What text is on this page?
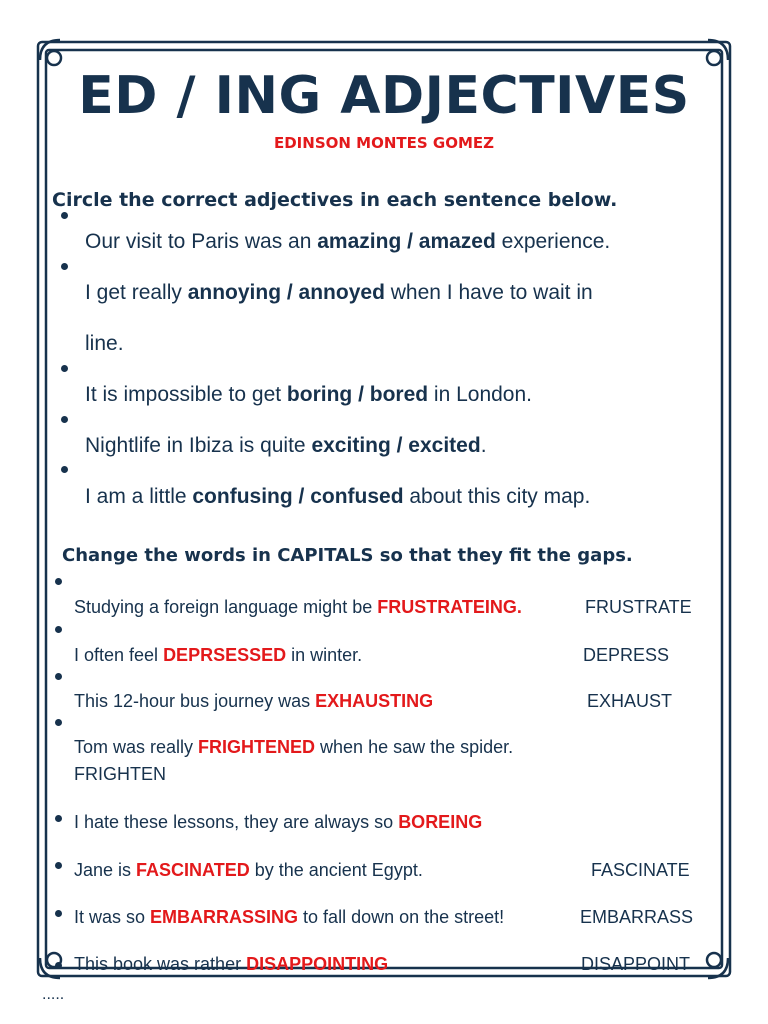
ED / ING ADJECTIVES
EDINSON MONTES GOMEZ
Circle the correct adjectives in each sentence below.
Our visit to Paris was an amazing / amazed experience.
I get really annoying / annoyed when I have to wait in
line.
It is impossible to get boring / bored in London.
Nightlife in Ibiza is quite exciting / excited.
I am a little confusing / confused about this city map.
Change the words in CAPITALS so that they fit the gaps.
Studying a foreign language might be FRUSTRATEING.	FRUSTRATE
I often feel DEPRSESSED in winter.	DEPRESS
This 12-hour bus journey was EXHAUSTING	EXHAUST
Tom was really FRIGHTENED when he saw the spider.
FRIGHTEN
I hate these lessons, they are always so BOREING
Jane is FASCINATED by the ancient Egypt.	FASCINATE
It was so EMBARRASSING to fall down on the street!	EMBARRASS
This book was rather DISAPPOINTING	DISAPPOINT
.....
